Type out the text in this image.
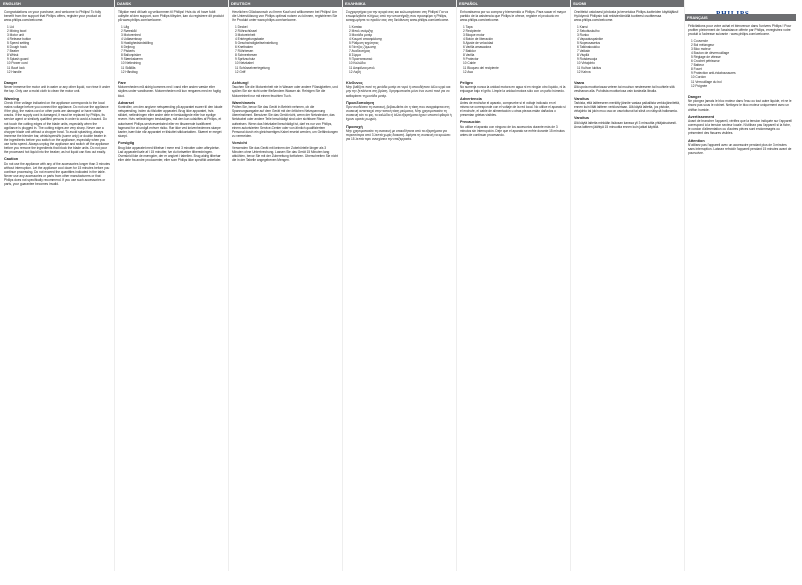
ENGLISH
Congratulations on your purchase, and welcome to Philips! To fully benefit from the support that Philips offers, register your product at www.philips.com/welcome.
1 Lid
2 Mixing bowl
3 Motor unit
4 Release button
5 Speed setting
6 Dough hook
7 Beater
8 Whisk
9 Splash guard
10 Power cord
11 Bowl lock
12 Handle
Danger
Never immerse the motor unit in water or any other liquid, nor rinse it under the tap. Only use a moist cloth to clean the motor unit.
Warning
Check if the voltage indicated on the appliance corresponds to the local mains voltage before you connect the appliance. Do not use the appliance if the plug, the mains cord or other parts are damaged or have visible cracks. If the supply cord is damaged, it must be replaced by Philips, its service agent or similarly qualified persons in order to avoid a hazard. Do not touch the cutting edges of the blade units, especially when the appliance is plugged in. The cutting edges are very sharp. Never use a chopper blade unit without a chopper bowl. To avoid splashing, always immerse the blender bar, whisk/speed/fo (some only) or double beater in the ingredients before you switch on the appliance, especially when you use turbo speed. Always unplug the appliance and switch off the appliance before you remove the ingredients that block the blade units. Do not pour the processed hot liquid into the beaker, as hot liquid can flow out easily.
Caution
Do not use the appliance with any of the accessories longer than 3 minutes without interruption. Let the appliance cool down for 15 minutes before you continue processing. Do not exceed the quantities indicated in the table. Never use any accessories or parts from other manufacturers or that Philips does not specifically recommend. If you use such accessories or parts, your guarantee becomes invalid.
DANSK
Tillykke med dit køb og velkommen til Philips! Hvis du vil have fuldt udbytte af den support, som Philips tilbyder, kan du registrere dit produkt på www.philips.com/welcome.
1 Låg
2 Røreskål
3 Motorenhed
4 Udløserknap
5 Hastighedsindstilling
6 Dejkrog
7 Piskeris
8 Ballonpisker
9 Stænkskærm
10 Netledning
11 Skållås
12 Håndtag
Fare
Motorenheden må aldrig kommes ned i vand eller anden væske eller skylles under vandhanen. Motorenheden må kun rengøres med en fugtig klud.
Advarsel
Kontroller, om den angivne netspænding på apparatet svarer til den lokale netspænding, inden du tilslutter apparatet. Brug ikke apparatet, hvis stikket, netledningen eller andre dele er beskadigede eller har synlige revner. Hvis netledningen beskadiges, må den kun udskiftes af Philips, et autoriseret Philips-serviceværksted eller en tilsvarende kvalificeret fagmand for at undgå enhver risiko. Rør ikke ved knivenhedernes skarpe kanter, især ikke når apparatet er tilsluttet stikkontakten. Skæret er meget skarpt.
Forsigtig
Brug ikke apparatet med tilbehør i mere end 3 minutter uden afbrydelse. Lad apparatet køle af i 15 minutter, før du fortsætter tilberedningen. Overskrid ikke de mængder, der er angivet i tabellen. Brug aldrig tilbehør eller dele fra andre producenter, eller som Philips ikke specifikt anbefaler.
DEUTSCH
Herzlichen Glückwunsch zu Ihrem Kauf und willkommen bei Philips! Um die Unterstützung von Philips optimal nutzen zu können, registrieren Sie Ihr Produkt unter www.philips.com/welcome.
1 Deckel
2 Rührschüssel
3 Motoreinheit
4 Entriegelungstaste
5 Geschwindigkeitseinstellung
6 Knethaken
7 Rührbesen
8 Schneebesen
9 Spritzschutz
10 Netzkabel
11 Schüsselverriegelung
12 Griff
Achtung!
Tauchen Sie die Motoreinheit nie in Wasser oder andere Flüssigkeiten, und spülen Sie sie nicht unter fließendem Wasser ab. Reinigen Sie die Motoreinheit nur mit einem feuchten Tuch.
Warnhinweis
Prüfen Sie, bevor Sie das Gerät in Betrieb nehmen, ob die Spannungsangabe auf dem Gerät mit der örtlichen Netzspannung übereinstimmt. Benutzen Sie das Gerät nicht, wenn der Netzstecker, das Netzkabel oder andere Teile beschädigt sind oder sichtbare Risse aufweisen. Wenn das Netzkabel beschädigt ist, darf es nur von Philips, einem autorisierten Service-Center oder von ähnlich qualifiziertem Personal durch ein gleichwertiges Kabel ersetzt werden, um Gefährdungen zu vermeiden.
Vorsicht
Verwenden Sie das Gerät mit keinem der Zubehörteile länger als 3 Minuten ohne Unterbrechung. Lassen Sie das Gerät 15 Minuten lang abkühlen, bevor Sie mit der Zubereitung fortfahren. Überschreiten Sie nicht die in der Tabelle angegebenen Mengen.
ΕΛΛΗΝΙΚΑ
Συγχαρητήρια για την αγορά σας και καλωσορίσατε στη Philips! Για να επωφεληθείτε πλήρως από την υποστήριξη που προσφέρει η Philips, καταχωρήστε το προϊόν σας στη διεύθυνση www.philips.com/welcome.
1 Καπάκι
2 Μπολ ανάμιξης
3 Μονάδα μοτέρ
4 Κουμπί απασφάλισης
5 Ρύθμιση ταχύτητας
6 Γάντζος ζύμωσης
7 Αναδευτήρας
8 Σύρμα
9 Προστατευτικό
10 Καλώδιο
11 Ασφάλεια μπολ
12 Λαβή
Κίνδυνος
Μην βυθίζετε ποτέ τη μονάδα μοτέρ σε νερό ή οποιοδήποτε άλλο υγρό και μην την ξεπλένετε στη βρύση. Χρησιμοποιείτε μόνο ένα νωπό πανί για να καθαρίσετε τη μονάδα μοτέρ.
Προειδοποίηση
Πριν συνδέσετε τη συσκευή, βεβαιωθείτε ότι η τάση που αναγράφεται στη συσκευή αντιστοιχεί στην τοπική τάση ρεύματος. Μην χρησιμοποιείτε τη συσκευή εάν το φις, το καλώδιο ή άλλα εξαρτήματα έχουν υποστεί φθορά ή έχουν ορατές ρωγμές.
Προσοχή
Μην χρησιμοποιείτε τη συσκευή με οποιοδήποτε από τα εξαρτήματα για περισσότερα από 3 λεπτά χωρίς διακοπή. Αφήστε τη συσκευή να κρυώσει για 15 λεπτά πριν συνεχίσετε την επεξεργασία.
ESPAÑOL
Enhorabuena por su compra y bienvenido a Philips. Para sacar el mayor partido de la asistencia que Philips le ofrece, registre el producto en www.philips.com/welcome.
1 Tapa
2 Recipiente
3 Bloque motor
4 Botón de liberación
5 Ajuste de velocidad
6 Varilla amasadora
7 Batidor
8 Varilla
9 Protector
10 Cable
11 Bloqueo del recipiente
12 Asa
Peligro
No sumerja nunca la unidad motora en agua ni en ningún otro líquido, ni la enjuague bajo el grifo. Limpie la unidad motora sólo con un paño húmedo.
Advertencia
Antes de enchufar el aparato, compruebe si el voltaje indicado en el mismo se corresponde con el voltaje de la red local. No utilice el aparato si el enchufe, el cable de alimentación u otras piezas están dañados o presentan grietas visibles.
Precaución
No utilice el aparato con ninguno de los accesorios durante más de 3 minutos sin interrupción. Deje que el aparato se enfríe durante 15 minutos antes de continuar procesando.
SUOMI
Onnittelut ostoksesi johdosta ja tervetuloa Philips-tuotteiden käyttäjäksi! Hyödynnä Philipsin tuki rekisteröimällä tuotteesi osoitteessa www.philips.com/welcome.
1 Kansi
2 Sekoituskulho
3 Runko
4 Vapautuspainike
5 Nopeusasetus
6 Taikinakoukku
7 Vatkain
8 Vispilä
9 Roiskesuoja
10 Virtajohto
11 Kulhon lukitus
12 Kahva
Vaara
Älä upota moottoriosaa veteen tai muuhun nesteeseen tai huuhtele sitä vesihanan alla. Puhdista moottoriosa vain kostealla liinalla.
Varoitus
Tarkista, että laitteeseen merkitty jännite vastaa paikallista verkkojännitettä, ennen kuin liität laitteen verkkovirtaan. Älä käytä laitetta, jos pistoke, virtajohto tai jokin muu osa on vaurioitunut tai siinä on näkyviä halkeamia.
Varoitus
Älä käytä laitetta minkään lisäosan kanssa yli 3 minuuttia yhtäjaksoisesti. Anna laitteen jäähtyä 15 minuuttia ennen kuin jatkat käyttöä.
FRANÇAIS
Félicitations pour votre achat et bienvenue dans l'univers Philips ! Pour profiter pleinement de l'assistance offerte par Philips, enregistrez votre produit à l'adresse suivante : www.philips.com/welcome.
1 Couvercle
2 Bol mélangeur
3 Bloc moteur
4 Bouton de déverrouillage
5 Réglage de vitesse
6 Crochet pétrisseur
7 Batteur
8 Fouet
9 Protection anti-éclaboussures
10 Cordon
11 Verrouillage du bol
12 Poignée
Danger
Ne plongez jamais le bloc moteur dans l'eau ou tout autre liquide, et ne le rincez pas sous le robinet. Nettoyez le bloc moteur uniquement avec un chiffon humide.
Avertissement
Avant de brancher l'appareil, vérifiez que la tension indiquée sur l'appareil correspond à la tension secteur locale. N'utilisez pas l'appareil si la fiche, le cordon d'alimentation ou d'autres pièces sont endommagés ou présentent des fissures visibles.
Attention
N'utilisez pas l'appareil avec un accessoire pendant plus de 3 minutes sans interruption. Laissez refroidir l'appareil pendant 15 minutes avant de poursuivre.
